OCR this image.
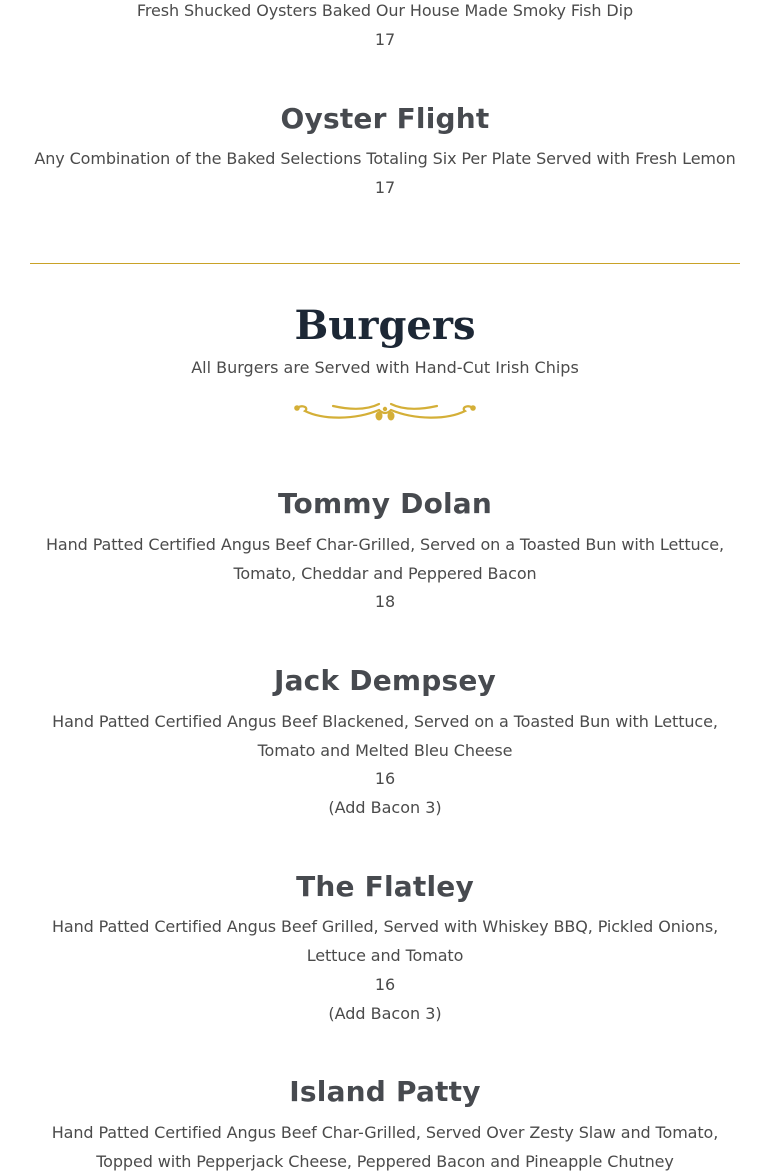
Fresh Shucked Oysters Baked Our House Made Smoky Fish Dip
17
Oyster Flight
Any Combination of the Baked Selections Totaling Six Per Plate Served with Fresh Lemon
17
Burgers
All Burgers are Served with Hand-Cut Irish Chips
Tommy Dolan
Hand Patted Certified Angus Beef Char-Grilled, Served on a Toasted Bun with Lettuce, Tomato, Cheddar and Peppered Bacon
18
Jack Dempsey
Hand Patted Certified Angus Beef Blackened, Served on a Toasted Bun with Lettuce, Tomato and Melted Bleu Cheese
16
(Add Bacon 3)
The Flatley
Hand Patted Certified Angus Beef Grilled, Served with Whiskey BBQ, Pickled Onions, Lettuce and Tomato
16
(Add Bacon 3)
Island Patty
Hand Patted Certified Angus Beef Char-Grilled, Served Over Zesty Slaw and Tomato, Topped with Pepperjack Cheese, Peppered Bacon and Pineapple Chutney
